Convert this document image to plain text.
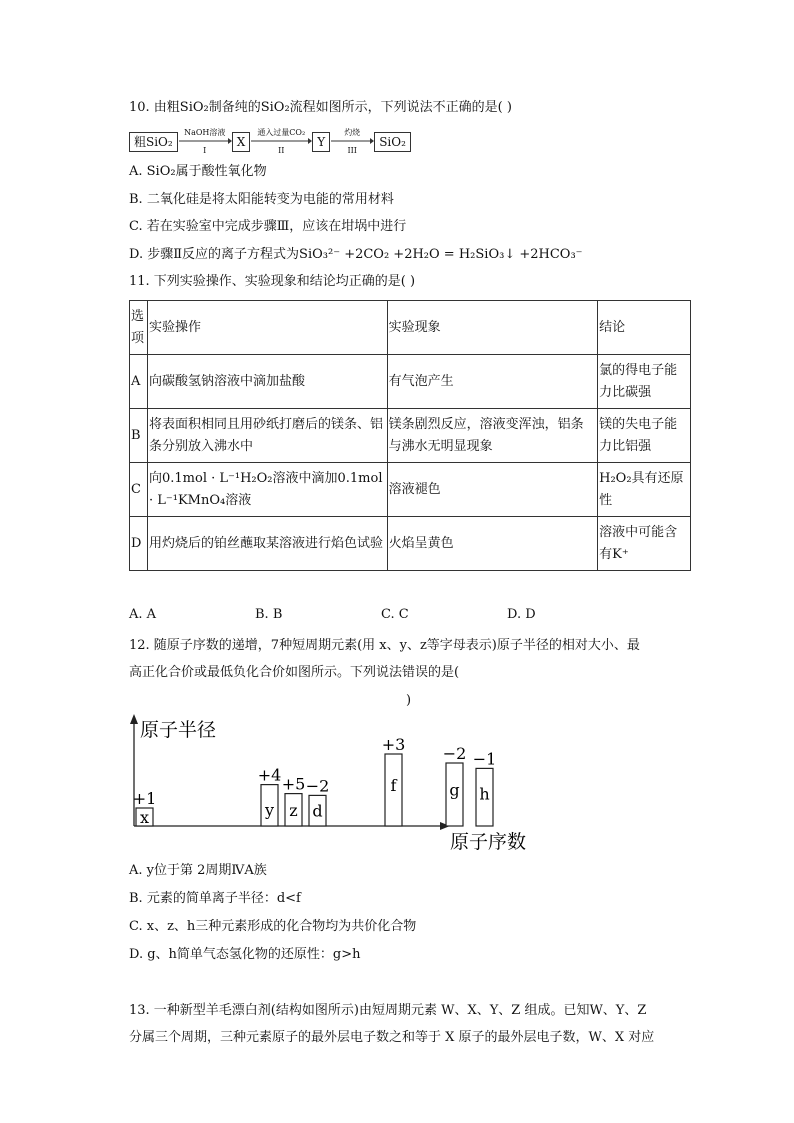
10. 由粗SiO₂制备纯的SiO₂流程如图所示，下列说法不正确的是( )
粗SiO₂
NaOH溶液

I
X
通入过量CO₂

II
Y
灼烧

III
SiO₂
A. SiO₂属于酸性氧化物
B. 二氧化硅是将太阳能转变为电能的常用材料
C. 若在实验室中完成步骤Ⅲ，应该在坩埚中进行
D. 步骤Ⅱ反应的离子方程式为SiO₃²⁻ +2CO₂ +2H₂O = H₂SiO₃↓ +2HCO₃⁻
11. 下列实验操作、实验现象和结论均正确的是( )
选项	实验操作	实验现象	结论
A	向碳酸氢钠溶液中滴加盐酸	有气泡产生	氯的得电子能力比碳强
B	将表面积相同且用砂纸打磨后的镁条、铝条分别放入沸水中	镁条剧烈反应，溶液变浑浊，铝条与沸水无明显现象	镁的失电子能力比铝强
C	向0.1mol · L⁻¹H₂O₂溶液中滴加0.1mol · L⁻¹KMnO₄溶液	溶液褪色	H₂O₂具有还原性
D	用灼烧后的铂丝蘸取某溶液进行焰色试验	火焰呈黄色	溶液中可能含有K⁺
A. A	B. B	C. C	D. D
12. 随原子序数的递增，7种短周期元素(用 x、y、z等字母表示)原子半径的相对大小、最
高正化合价或最低负化合价如图所示。下列说法错误的是(
)
原子半径
原子序数
x
+1
y
+4
z
+5
d
−2	f
+3
g
−2
h
−1
A. y位于第 2周期ⅣA族
B. 元素的简单离子半径：d<f
C. x、z、h三种元素形成的化合物均为共价化合物
D. g、h简单气态氢化物的还原性：g>h
13. 一种新型羊毛漂白剂(结构如图所示)由短周期元素 W、X、Y、Z 组成。已知W、Y、Z
分属三个周期，三种元素原子的最外层电子数之和等于 X 原子的最外层电子数，W、X 对应
